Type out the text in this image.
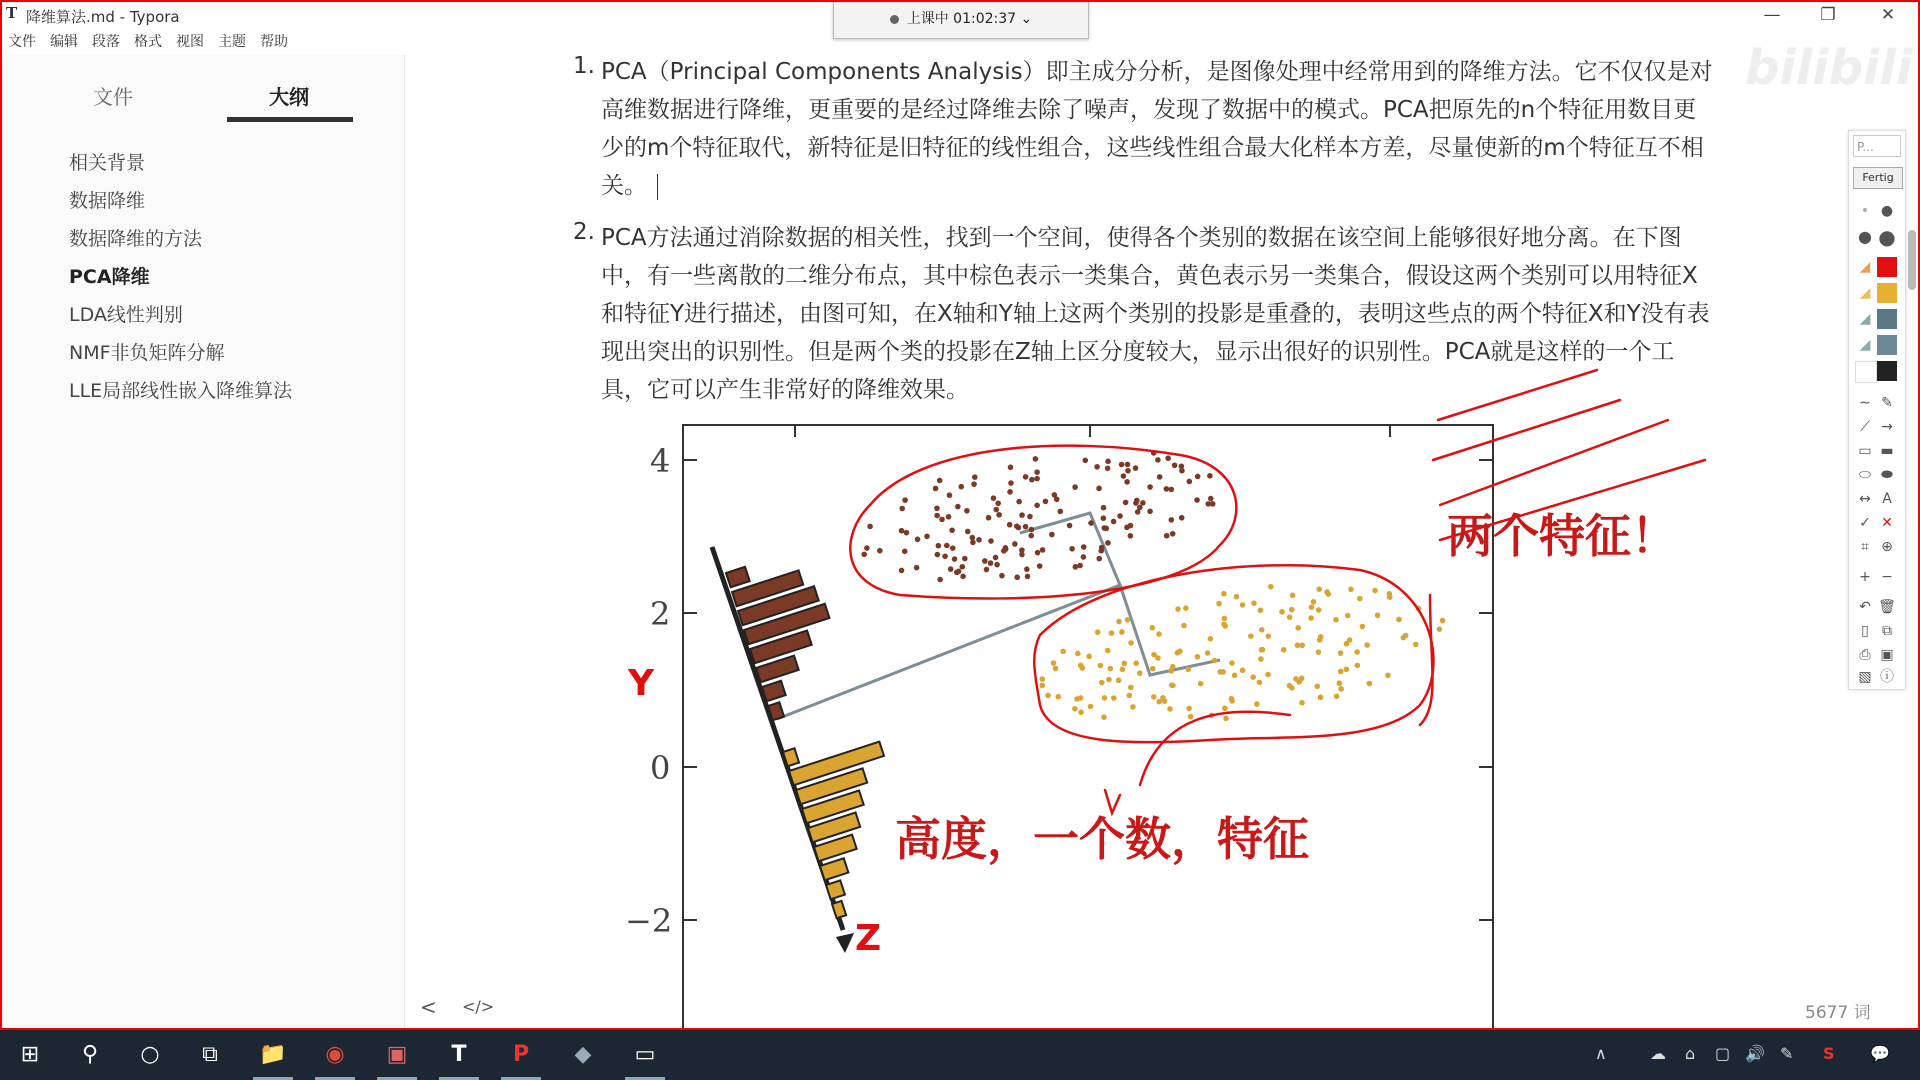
T 降维算法.md - Typora	—	❐	✕
上课中 01:02:37 ⌄
文件 编辑 段落 格式 视图 主题 帮助
文件	大纲
相关背景
数据降维
数据降维的方法
PCA降维
LDA线性判别
NMF非负矩阵分解
LLE局部线性嵌入降维算法
< </>
bilibili
1. PCA（Principal Components Analysis）即主成分分析，是图像处理中经常用到的降维方法。它不仅仅是对
高维数据进行降维，更重要的是经过降维去除了噪声，发现了数据中的模式。PCA把原先的n个特征用数目更
少的m个特征取代，新特征是旧特征的线性组合，这些线性组合最大化样本方差，尽量使新的m个特征互不相
关。
2. PCA方法通过消除数据的相关性，找到一个空间，使得各个类别的数据在该空间上能够很好地分离。在下图
中，有一些离散的二维分布点，其中棕色表示一类集合，黄色表示另一类集合，假设这两个类别可以用特征X
和特征Y进行描述，由图可知，在X轴和Y轴上这两个类别的投影是重叠的，表明这些点的两个特征X和Y没有表
现出突出的识别性。但是两个类的投影在Z轴上区分度较大，显示出很好的识别性。PCA就是这样的一个工
具，它可以产生非常好的降维效果。
4
2
0
−2
Y
Z
两个特征！
高度，一个数，特征
5677 词
P...
Fertig
• ●
● ●
◢
◢
◢
◢
∼ ✎
⟋ →
▭ ▬
⬭ ⬬
↔ A
✓ ✕
⌗ ⊕
+ −
↶ 🗑
▯ ⧉
⎙ ▣
▧ ⓘ
⊞	⚲	○	⧉	📁	◉	▣	T	P	◆	▭	∧	☁ ⌂ ▢ 🔊 ✎ S 💬
